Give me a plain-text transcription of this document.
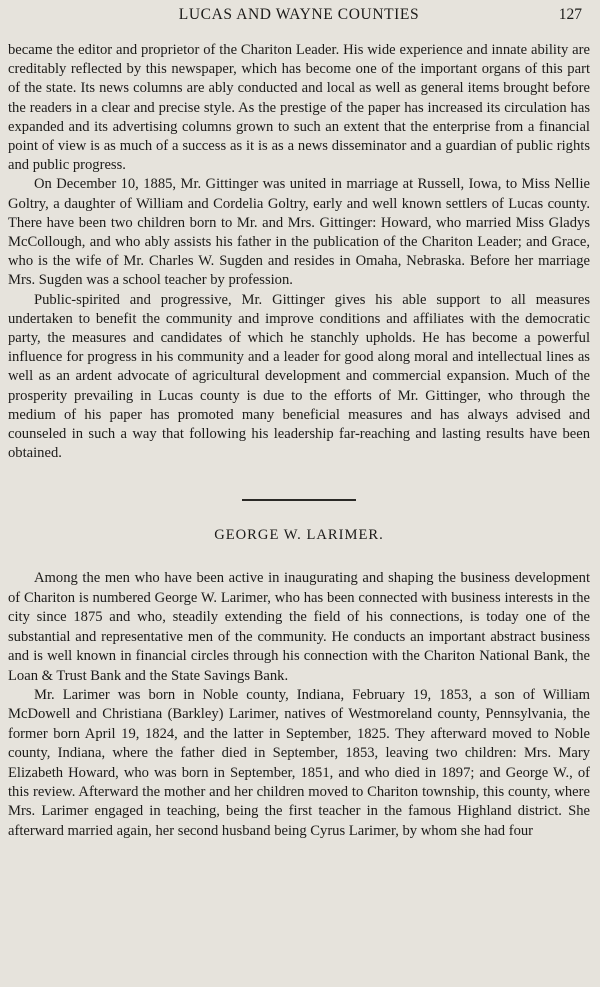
LUCAS AND WAYNE COUNTIES	127

became the editor and proprietor of the Chariton Leader. His wide experience and innate ability are creditably reflected by this newspaper, which has become one of the important organs of this part of the state. Its news columns are ably conducted and local as well as general items brought before the readers in a clear and precise style. As the prestige of the paper has increased its circulation has expanded and its advertising columns grown to such an extent that the enterprise from a financial point of view is as much of a success as it is as a news disseminator and a guardian of public rights and public progress.

On December 10, 1885, Mr. Gittinger was united in marriage at Russell, Iowa, to Miss Nellie Goltry, a daughter of William and Cordelia Goltry, early and well known settlers of Lucas county. There have been two children born to Mr. and Mrs. Gittinger: Howard, who married Miss Gladys McCollough, and who ably assists his father in the publication of the Chariton Leader; and Grace, who is the wife of Mr. Charles W. Sugden and resides in Omaha, Nebraska. Before her marriage Mrs. Sugden was a school teacher by profession.

Public-spirited and progressive, Mr. Gittinger gives his able support to all measures undertaken to benefit the community and improve conditions and affiliates with the democratic party, the measures and candidates of which he stanchly upholds. He has become a powerful influence for progress in his community and a leader for good along moral and intellectual lines as well as an ardent advocate of agricultural development and commercial expansion. Much of the prosperity prevailing in Lucas county is due to the efforts of Mr. Gittinger, who through the medium of his paper has promoted many beneficial measures and has always advised and counseled in such a way that following his leadership far-reaching and lasting results have been obtained.

GEORGE W. LARIMER.

Among the men who have been active in inaugurating and shaping the business development of Chariton is numbered George W. Larimer, who has been connected with business interests in the city since 1875 and who, steadily extending the field of his connections, is today one of the substantial and representative men of the community. He conducts an important abstract business and is well known in financial circles through his connection with the Chariton National Bank, the Loan & Trust Bank and the State Savings Bank.

Mr. Larimer was born in Noble county, Indiana, February 19, 1853, a son of William McDowell and Christiana (Barkley) Larimer, natives of Westmoreland county, Pennsylvania, the former born April 19, 1824, and the latter in September, 1825. They afterward moved to Noble county, Indiana, where the father died in September, 1853, leaving two children: Mrs. Mary Elizabeth Howard, who was born in September, 1851, and who died in 1897; and George W., of this review. Afterward the mother and her children moved to Chariton township, this county, where Mrs. Larimer engaged in teaching, being the first teacher in the famous Highland district. She afterward married again, her second husband being Cyrus Larimer, by whom she had four
